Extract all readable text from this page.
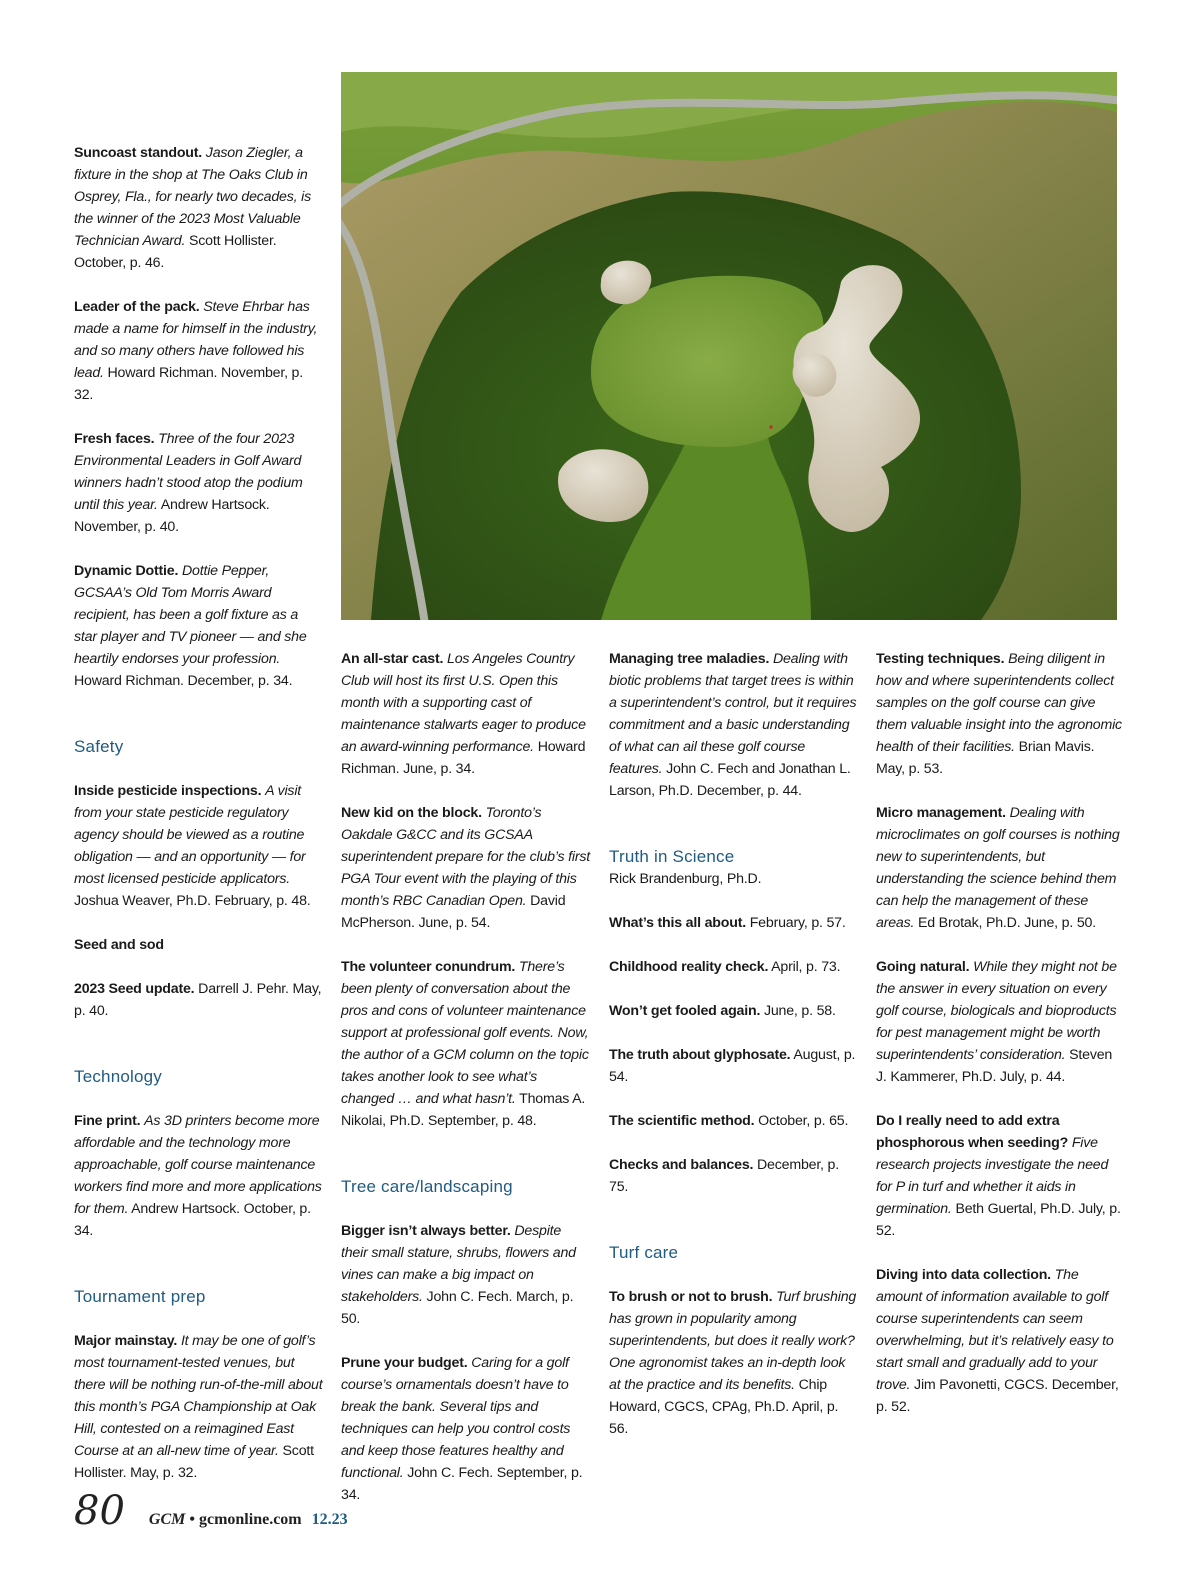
Suncoast standout. Jason Ziegler, a fixture in the shop at The Oaks Club in Osprey, Fla., for nearly two decades, is the winner of the 2023 Most Valuable Technician Award. Scott Hollister. October, p. 46.
Leader of the pack. Steve Ehrbar has made a name for himself in the industry, and so many others have followed his lead. Howard Richman. November, p. 32.
Fresh faces. Three of the four 2023 Environmental Leaders in Golf Award winners hadn’t stood atop the podium until this year. Andrew Hartsock. November, p. 40.
Dynamic Dottie. Dottie Pepper, GCSAA’s Old Tom Morris Award recipient, has been a golf fixture as a star player and TV pioneer — and she heartily endorses your profession. Howard Richman. December, p. 34.
Safety
Inside pesticide inspections. A visit from your state pesticide regulatory agency should be viewed as a routine obligation — and an opportunity — for most licensed pesticide applicators. Joshua Weaver, Ph.D. February, p. 48.
Seed and sod
2023 Seed update. Darrell J. Pehr. May, p. 40.
Technology
Fine print. As 3D printers become more affordable and the technology more approachable, golf course maintenance workers find more and more applications for them. Andrew Hartsock. October, p. 34.
Tournament prep
Major mainstay. It may be one of golf’s most tournament-tested venues, but there will be nothing run-of-the-mill about this month’s PGA Championship at Oak Hill, contested on a reimagined East Course at an all-new time of year. Scott Hollister. May, p. 32.
An all-star cast. Los Angeles Country Club will host its first U.S. Open this month with a supporting cast of maintenance stalwarts eager to produce an award-winning performance. Howard Richman. June, p. 34.
New kid on the block. Toronto’s Oakdale G&CC and its GCSAA superintendent prepare for the club’s first PGA Tour event with the playing of this month’s RBC Canadian Open. David McPherson. June, p. 54.
The volunteer conundrum. There’s been plenty of conversation about the pros and cons of volunteer maintenance support at professional golf events. Now, the author of a GCM column on the topic takes another look to see what’s changed … and what hasn’t. Thomas A. Nikolai, Ph.D. September, p. 48.
Tree care/landscaping
Bigger isn’t always better. Despite their small stature, shrubs, flowers and vines can make a big impact on stakeholders. John C. Fech. March, p. 50.
Prune your budget. Caring for a golf course’s ornamentals doesn’t have to break the bank. Several tips and techniques can help you control costs and keep those features healthy and functional. John C. Fech. September, p. 34.
Managing tree maladies. Dealing with biotic problems that target trees is within a superintendent’s control, but it requires commitment and a basic understanding of what can ail these golf course features. John C. Fech and Jonathan L. Larson, Ph.D. December, p. 44.
Truth in Science
Rick Brandenburg, Ph.D.
What’s this all about. February, p. 57.
Childhood reality check. April, p. 73.
Won’t get fooled again. June, p. 58.
The truth about glyphosate. August, p. 54.
The scientific method. October, p. 65.
Checks and balances. December, p. 75.
Turf care
To brush or not to brush. Turf brushing has grown in popularity among superintendents, but does it really work? One agronomist takes an in-depth look at the practice and its benefits. Chip Howard, CGCS, CPAg, Ph.D. April, p. 56.
Testing techniques. Being diligent in how and where superintendents collect samples on the golf course can give them valuable insight into the agronomic health of their facilities. Brian Mavis. May, p. 53.
Micro management. Dealing with microclimates on golf courses is nothing new to superintendents, but understanding the science behind them can help the management of these areas. Ed Brotak, Ph.D. June, p. 50.
Going natural. While they might not be the answer in every situation on every golf course, biologicals and bioproducts for pest management might be worth superintendents’ consideration. Steven J. Kammerer, Ph.D. July, p. 44.
Do I really need to add extra phosphorous when seeding? Five research projects investigate the need for P in turf and whether it aids in germination. Beth Guertal, Ph.D. July, p. 52.
Diving into data collection. The amount of information available to golf course superintendents can seem overwhelming, but it’s relatively easy to start small and gradually add to your trove. Jim Pavonetti, CGCS. December, p. 52.
80 GCM • gcmonline.com 12.23
